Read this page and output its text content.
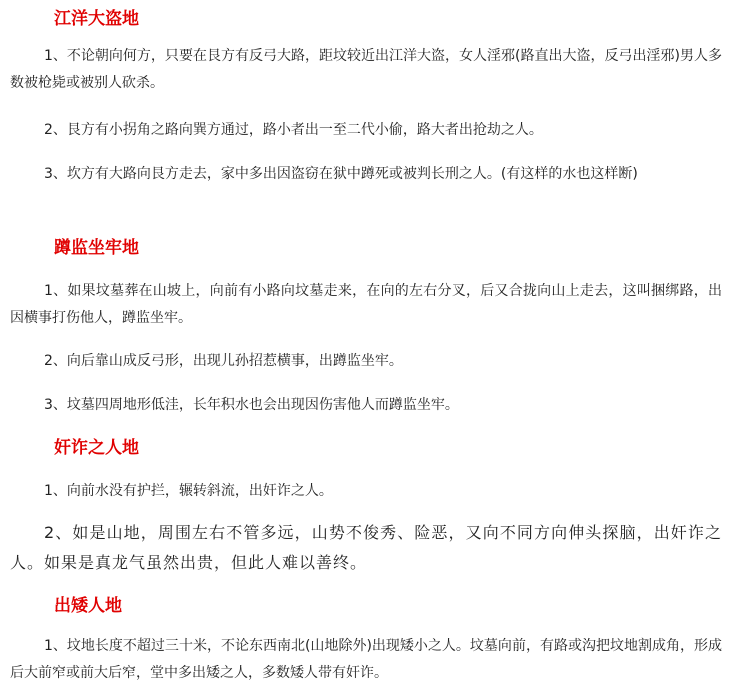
江洋大盗地
1、不论朝向何方，只要在艮方有反弓大路，距坟较近出江洋大盗，女人淫邪(路直出大盗，反弓出淫邪)男人多数被枪毙或被别人砍杀。
2、艮方有小拐角之路向巽方通过，路小者出一至二代小偷，路大者出抢劫之人。
3、坎方有大路向艮方走去，家中多出因盗窃在狱中蹲死或被判长刑之人。(有这样的水也这样断)
蹲监坐牢地
1、如果坟墓葬在山坡上，向前有小路向坟墓走来，在向的左右分叉，后又合拢向山上走去，这叫捆绑路，出因横事打伤他人，蹲监坐牢。
2、向后靠山成反弓形，出现儿孙招惹横事，出蹲监坐牢。
3、坟墓四周地形低洼，长年积水也会出现因伤害他人而蹲监坐牢。
奸诈之人地
1、向前水没有护拦，辗转斜流，出奸诈之人。
2、如是山地，周围左右不管多远，山势不俊秀、险恶，又向不同方向伸头探脑，出奸诈之人。如果是真龙气虽然出贵，但此人难以善终。
出矮人地
1、坟地长度不超过三十米，不论东西南北(山地除外)出现矮小之人。坟墓向前，有路或沟把坟地割成角，形成后大前窄或前大后窄，堂中多出矮之人，多数矮人带有奸诈。
